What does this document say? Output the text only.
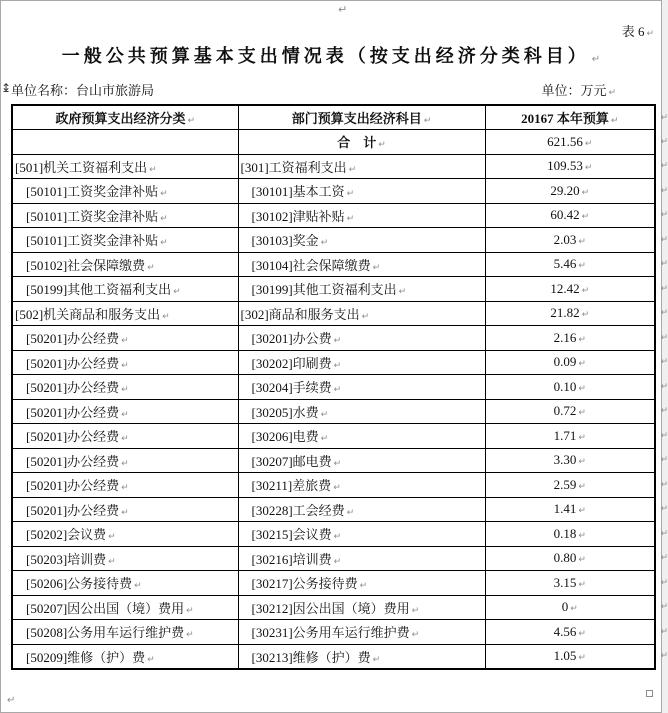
↵
表 6 ↵
一般公共预算基本支出情况表（按支出经济分类科目） ↵
↨ 单位名称：台山市旅游局	单位：万元 ↵
政府预算支出经济分类 ↵	部门预算支出经济科目 ↵	20167 本年预算 ↵ ↵

	合　计 ↵	621.56 ↵ ↵

[501]机关工资福利支出 ↵	[301]工资福利支出 ↵	109.53 ↵ ↵

[50101]工资奖金津补贴 ↵	[30101]基本工资 ↵	29.20 ↵ ↵

[50101]工资奖金津补贴 ↵	[30102]津贴补贴 ↵	60.42 ↵ ↵

[50101]工资奖金津补贴 ↵	[30103]奖金 ↵	2.03 ↵ ↵

[50102]社会保障缴费 ↵	[30104]社会保障缴费 ↵	5.46 ↵ ↵

[50199]其他工资福利支出 ↵	[30199]其他工资福利支出 ↵	12.42 ↵ ↵

[502]机关商品和服务支出 ↵	[302]商品和服务支出 ↵	21.82 ↵ ↵

[50201]办公经费 ↵	[30201]办公费 ↵	2.16 ↵ ↵

[50201]办公经费 ↵	[30202]印刷费 ↵	0.09 ↵ ↵

[50201]办公经费 ↵	[30204]手续费 ↵	0.10 ↵ ↵

[50201]办公经费 ↵	[30205]水费 ↵	0.72 ↵ ↵

[50201]办公经费 ↵	[30206]电费 ↵	1.71 ↵ ↵

[50201]办公经费 ↵	[30207]邮电费 ↵	3.30 ↵ ↵

[50201]办公经费 ↵	[30211]差旅费 ↵	2.59 ↵ ↵

[50201]办公经费 ↵	[30228]工会经费 ↵	1.41 ↵ ↵

[50202]会议费 ↵	[30215]会议费 ↵	0.18 ↵ ↵

[50203]培训费 ↵	[30216]培训费 ↵	0.80 ↵ ↵

[50206]公务接待费 ↵	[30217]公务接待费 ↵	3.15 ↵ ↵

[50207]因公出国（境）费用 ↵	[30212]因公出国（境）费用 ↵	0 ↵ ↵

[50208]公务用车运行维护费 ↵	[30231]公务用车运行维护费 ↵	4.56 ↵ ↵

[50209]维修（护）费 ↵	[30213]维修（护）费 ↵	1.05 ↵ ↵
↵
